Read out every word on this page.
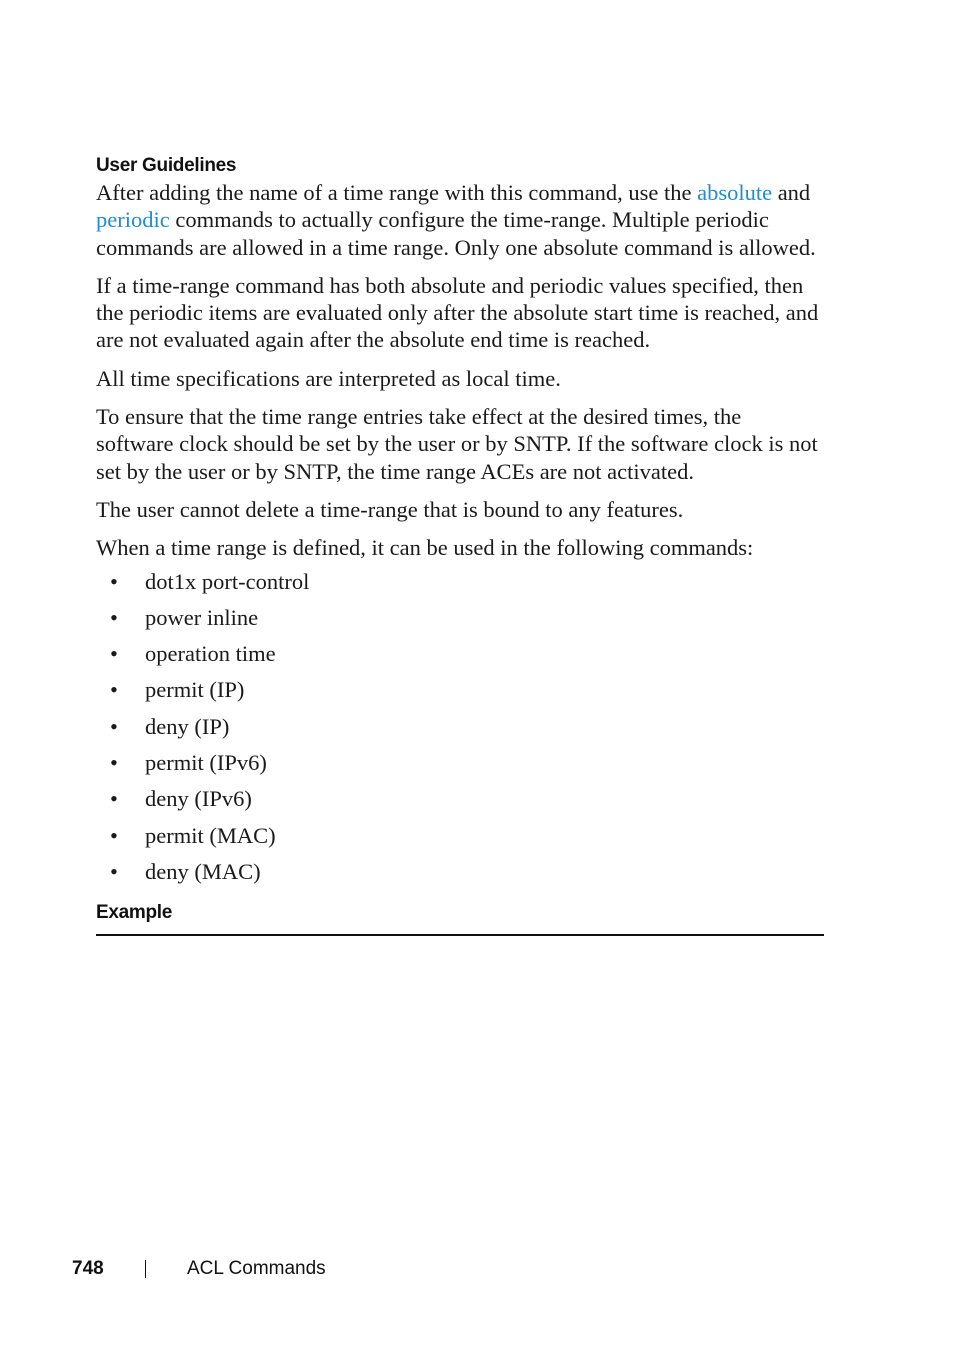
User Guidelines

After adding the name of a time range with this command, use the absolute and periodic commands to actually configure the time-range. Multiple periodic commands are allowed in a time range. Only one absolute command is allowed.

If a time-range command has both absolute and periodic values specified, then the periodic items are evaluated only after the absolute start time is reached, and are not evaluated again after the absolute end time is reached.

All time specifications are interpreted as local time.

To ensure that the time range entries take effect at the desired times, the software clock should be set by the user or by SNTP. If the software clock is not set by the user or by SNTP, the time range ACEs are not activated.

The user cannot delete a time-range that is bound to any features.

When a time range is defined, it can be used in the following commands:

• dot1x port-control
• power inline
• operation time
• permit (IP)
• deny (IP)
• permit (IPv6)
• deny (IPv6)
• permit (MAC)
• deny (MAC)
Example
748	ACL Commands
